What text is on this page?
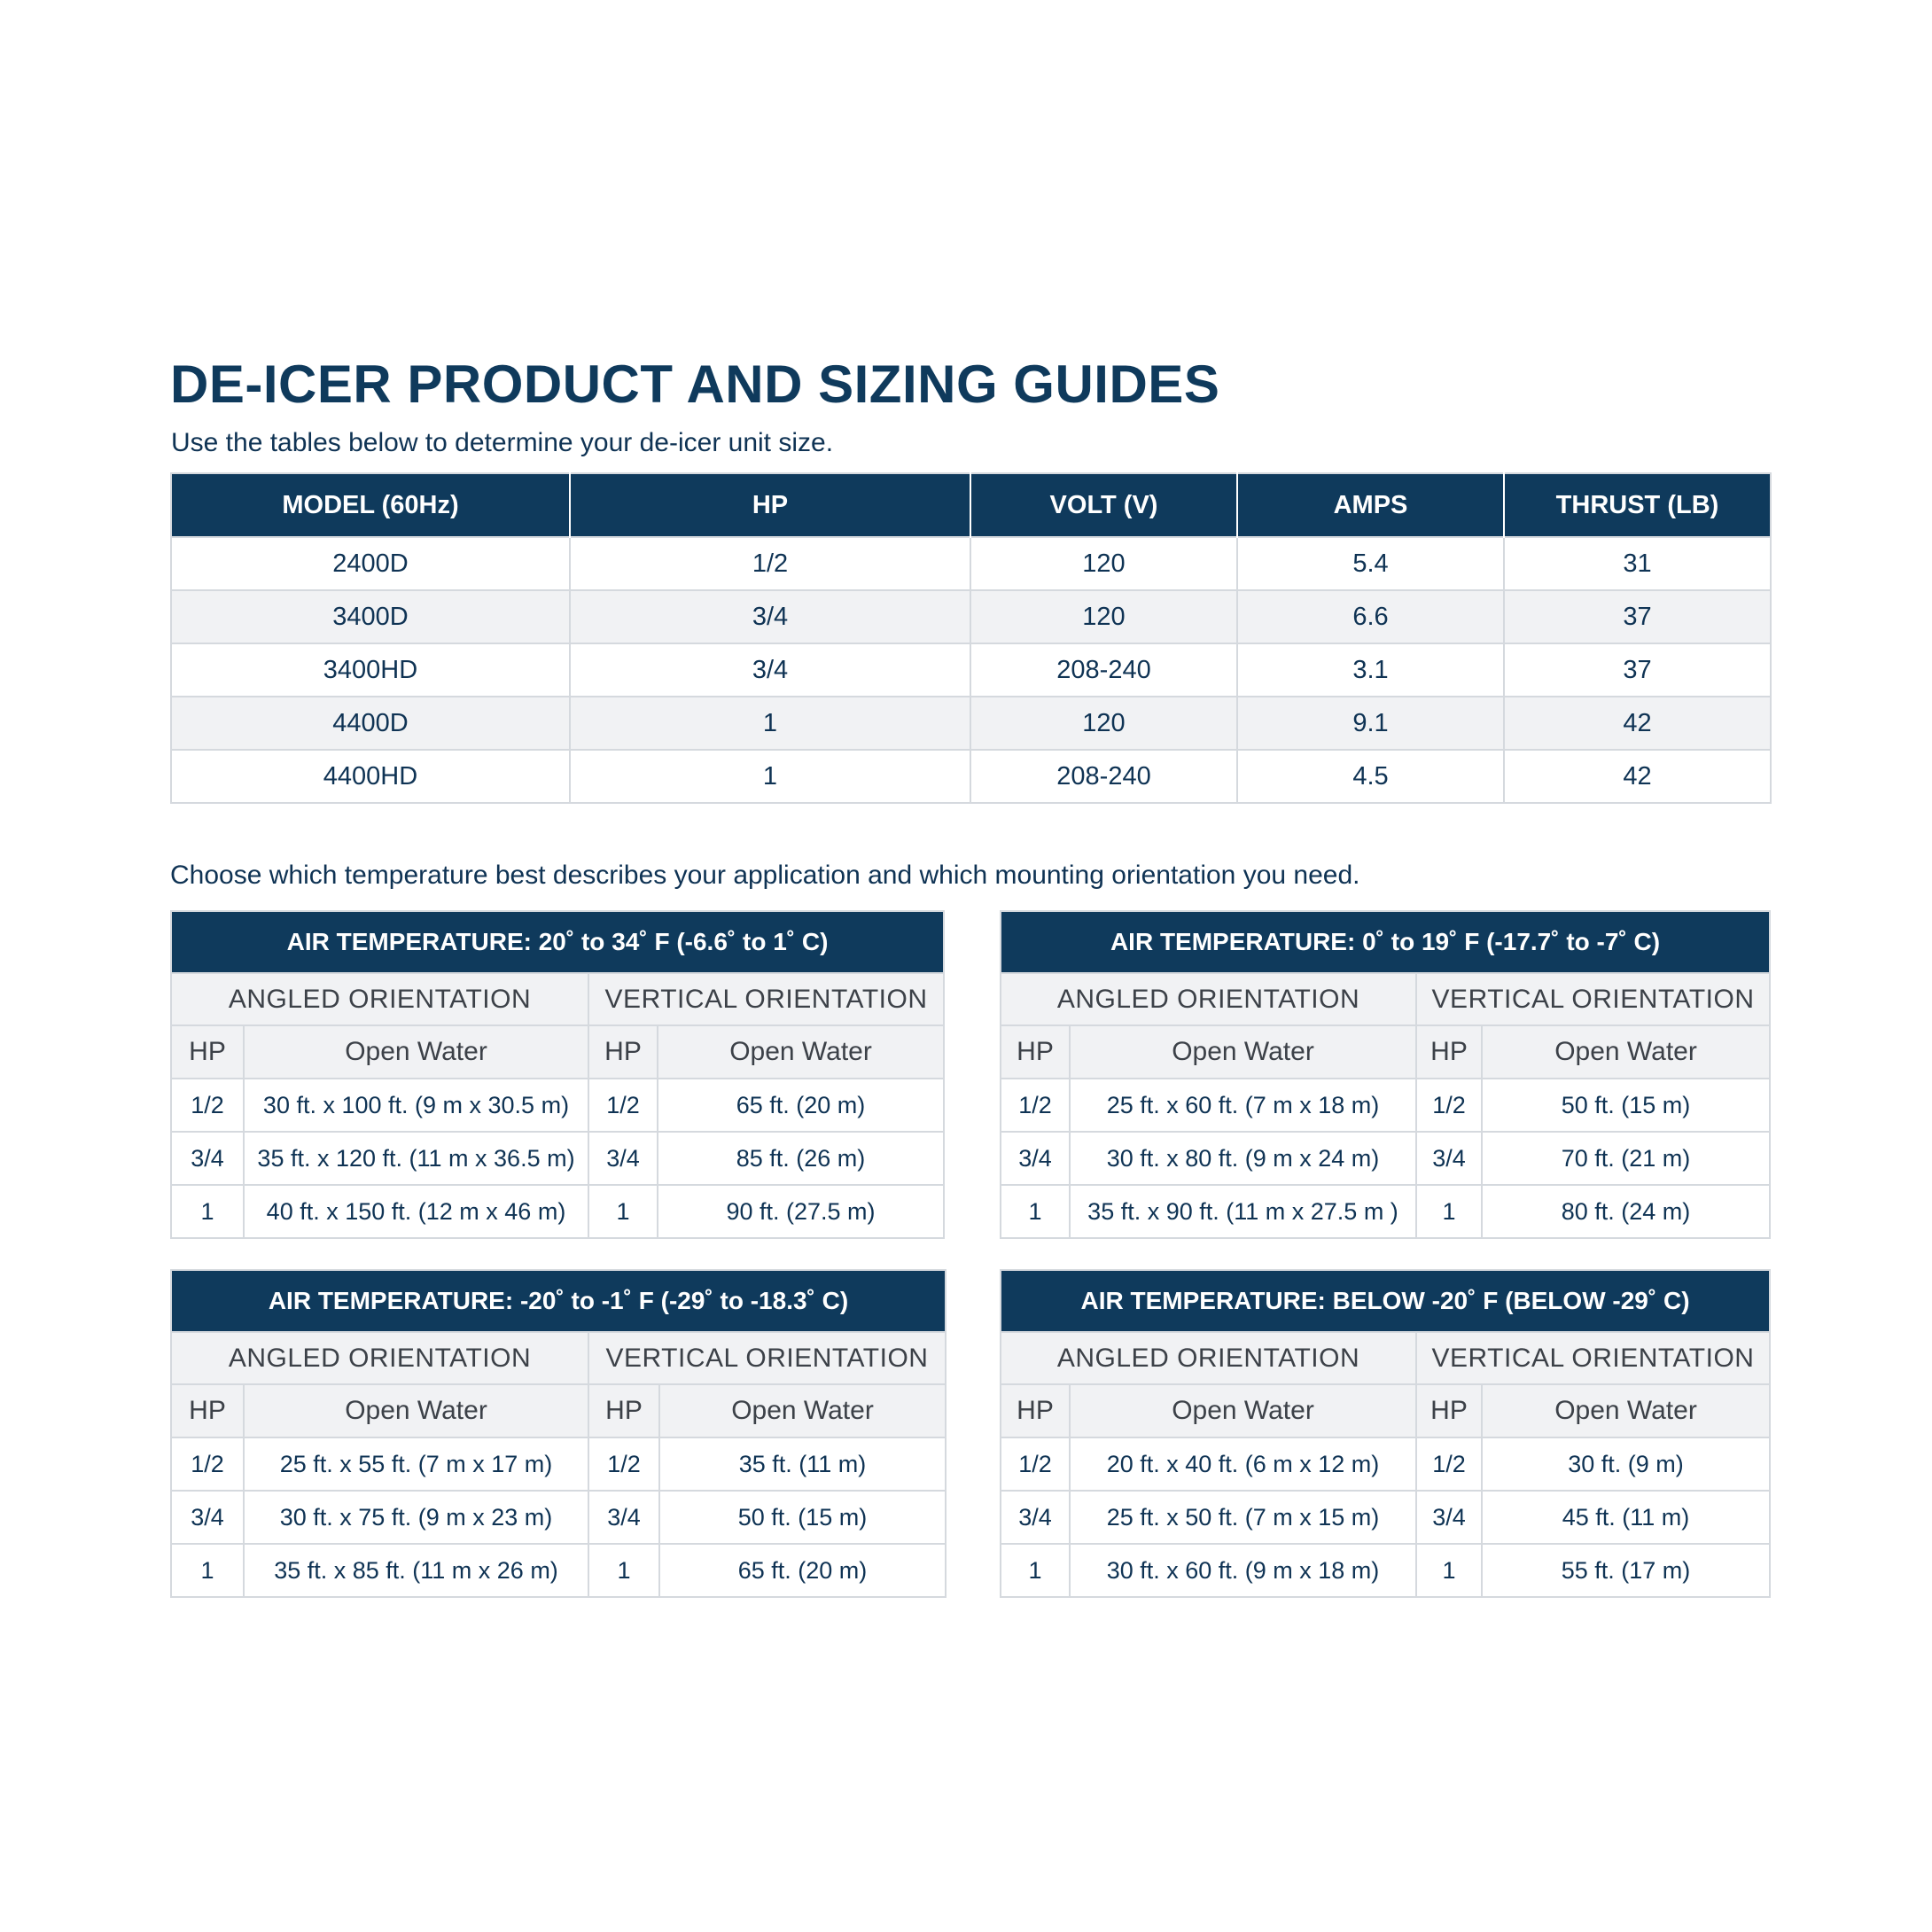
DE-ICER PRODUCT AND SIZING GUIDES
Use the tables below to determine your de-icer unit size.
MODEL (60Hz)	HP	VOLT (V)	AMPS	THRUST (LB)
2400D	1/2	120	5.4	31
3400D	3/4	120	6.6	37
3400HD	3/4	208-240	3.1	37
4400D	1	120	9.1	42
4400HD	1	208-240	4.5	42
Choose which temperature best describes your application and which mounting orientation you need.
AIR TEMPERATURE: 20˚ to 34˚ F (-6.6˚ to 1˚ C)			
ANGLED ORIENTATION		VERTICAL ORIENTATION	
HP	Open Water	HP	Open Water
1/2	30 ft. x 100 ft. (9 m x 30.5 m)	1/2	65 ft. (20 m)
3/4	35 ft. x 120 ft. (11 m x 36.5 m)	3/4	85 ft. (26 m)
1	40 ft. x 150 ft. (12 m x 46 m)	1	90 ft. (27.5 m)
AIR TEMPERATURE: 0˚ to 19˚ F (-17.7˚ to -7˚ C)			
ANGLED ORIENTATION		VERTICAL ORIENTATION	
HP	Open Water	HP	Open Water
1/2	25 ft. x 60 ft. (7 m x 18 m)	1/2	50 ft. (15 m)
3/4	30 ft. x 80 ft. (9 m x 24 m)	3/4	70 ft. (21 m)
1	35 ft. x 90 ft. (11 m x 27.5 m )	1	80 ft. (24 m)
AIR TEMPERATURE: -20˚ to -1˚ F (-29˚ to -18.3˚ C)			
ANGLED ORIENTATION		VERTICAL ORIENTATION	
HP	Open Water	HP	Open Water
1/2	25 ft. x 55 ft. (7 m x 17 m)	1/2	35 ft. (11 m)
3/4	30 ft. x 75 ft. (9 m x 23 m)	3/4	50 ft. (15 m)
1	35 ft. x 85 ft. (11 m x 26 m)	1	65 ft. (20 m)
AIR TEMPERATURE: BELOW -20˚ F (BELOW -29˚ C)			
ANGLED ORIENTATION		VERTICAL ORIENTATION	
HP	Open Water	HP	Open Water
1/2	20 ft. x 40 ft. (6 m x 12 m)	1/2	30 ft. (9 m)
3/4	25 ft. x 50 ft. (7 m x 15 m)	3/4	45 ft. (11 m)
1	30 ft. x 60 ft. (9 m x 18 m)	1	55 ft. (17 m)
